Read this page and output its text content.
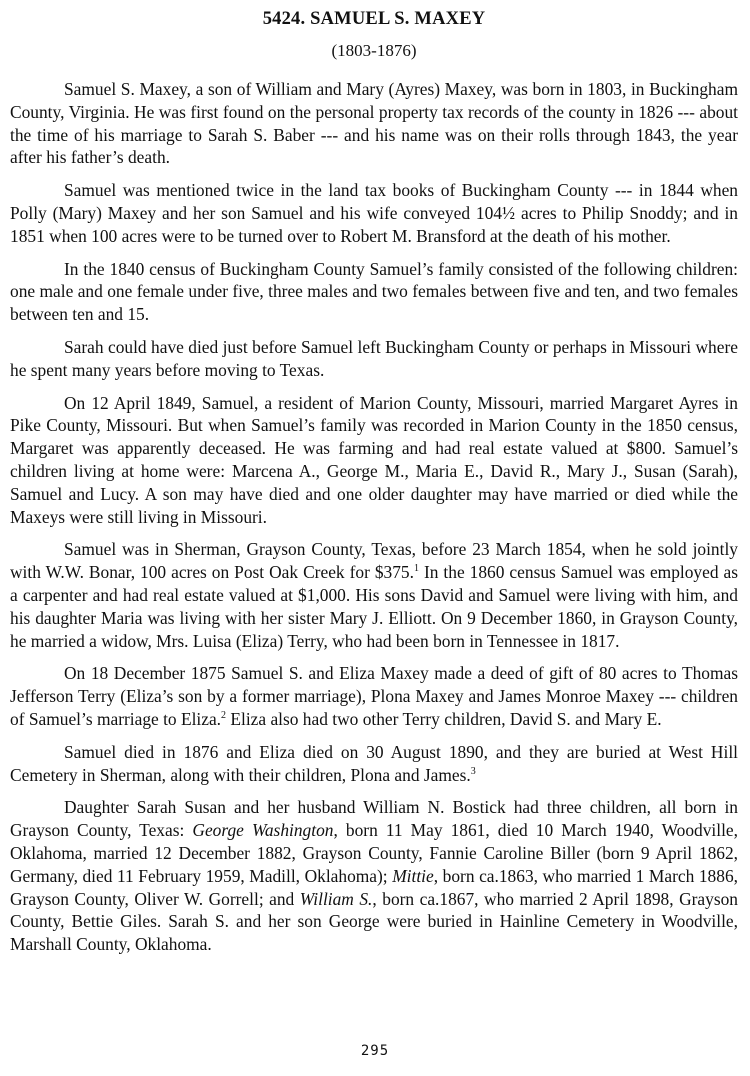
5424. SAMUEL S. MAXEY
(1803-1876)

Samuel S. Maxey, a son of William and Mary (Ayres) Maxey, was born in 1803, in Buckingham County, Virginia. He was first found on the personal property tax records of the county in 1826 --- about the time of his marriage to Sarah S. Baber --- and his name was on their rolls through 1843, the year after his father’s death.

Samuel was mentioned twice in the land tax books of Buckingham County --- in 1844 when Polly (Mary) Maxey and her son Samuel and his wife conveyed 104½ acres to Philip Snoddy; and in 1851 when 100 acres were to be turned over to Robert M. Bransford at the death of his mother.

In the 1840 census of Buckingham County Samuel’s family consisted of the following children: one male and one female under five, three males and two females between five and ten, and two females between ten and 15.

Sarah could have died just before Samuel left Buckingham County or perhaps in Missouri where he spent many years before moving to Texas.

On 12 April 1849, Samuel, a resident of Marion County, Missouri, married Margaret Ayres in Pike County, Missouri. But when Samuel’s family was recorded in Marion County in the 1850 census, Margaret was apparently deceased. He was farming and had real estate valued at $800. Samuel’s children living at home were: Marcena A., George M., Maria E., David R., Mary J., Susan (Sarah), Samuel and Lucy. A son may have died and one older daughter may have married or died while the Maxeys were still living in Missouri.

Samuel was in Sherman, Grayson County, Texas, before 23 March 1854, when he sold jointly with W.W. Bonar, 100 acres on Post Oak Creek for $375.$^1$ In the 1860 census Samuel was employed as a carpenter and had real estate valued at $1,000. His sons David and Samuel were living with him, and his daughter Maria was living with her sister Mary J. Elliott. On 9 December 1860, in Grayson County, he married a widow, Mrs. Luisa (Eliza) Terry, who had been born in Tennessee in 1817.

On 18 December 1875 Samuel S. and Eliza Maxey made a deed of gift of 80 acres to Thomas Jefferson Terry (Eliza’s son by a former marriage), Plona Maxey and James Monroe Maxey --- children of Samuel’s marriage to Eliza.$^2$ Eliza also had two other Terry children, David S. and Mary E.

Samuel died in 1876 and Eliza died on 30 August 1890, and they are buried at West Hill Cemetery in Sherman, along with their children, Plona and James.$^3$

Daughter Sarah Susan and her husband William N. Bostick had three children, all born in Grayson County, Texas: George Washington, born 11 May 1861, died 10 March 1940, Woodville, Oklahoma, married 12 December 1882, Grayson County, Fannie Caroline Biller (born 9 April 1862, Germany, died 11 February 1959, Madill, Oklahoma); Mittie, born ca.1863, who married 1 March 1886, Grayson County, Oliver W. Gorrell; and William S., born ca.1867, who married 2 April 1898, Grayson County, Bettie Giles. Sarah S. and her son George were buried in Hainline Cemetery in Woodville, Marshall County, Oklahoma.

295
